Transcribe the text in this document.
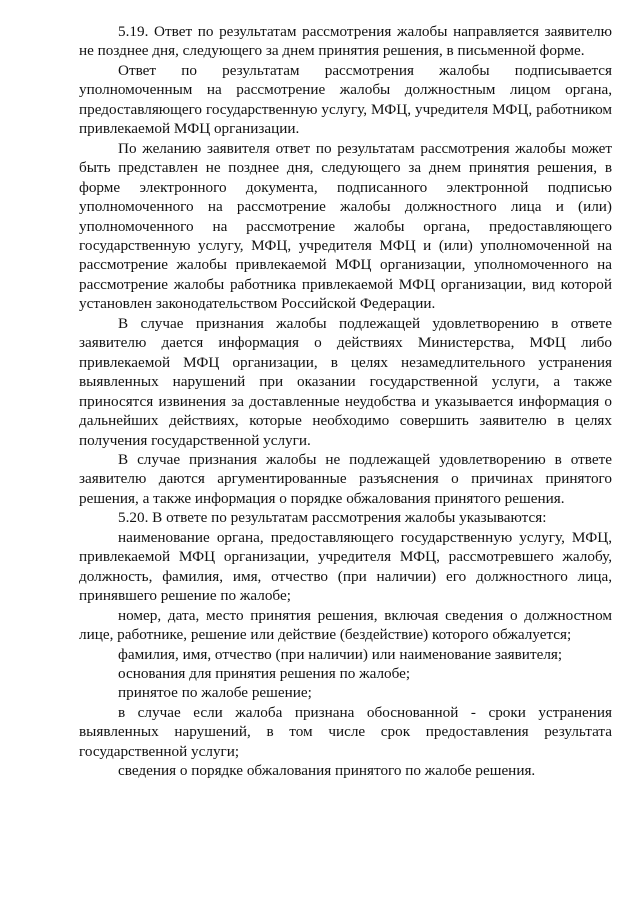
5.19. Ответ по результатам рассмотрения жалобы направляется заявителю не позднее дня, следующего за днем принятия решения, в письменной форме.

Ответ по результатам рассмотрения жалобы подписывается уполномоченным на рассмотрение жалобы должностным лицом органа, предоставляющего государственную услугу, МФЦ, учредителя МФЦ, работником привлекаемой МФЦ организации.

По желанию заявителя ответ по результатам рассмотрения жалобы может быть представлен не позднее дня, следующего за днем принятия решения, в форме электронного документа, подписанного электронной подписью уполномоченного на рассмотрение жалобы должностного лица и (или) уполномоченного на рассмотрение жалобы органа, предоставляющего государственную услугу, МФЦ, учредителя МФЦ и (или) уполномоченной на рассмотрение жалобы привлекаемой МФЦ организации, уполномоченного на рассмотрение жалобы работника привлекаемой МФЦ организации, вид которой установлен законодательством Российской Федерации.

В случае признания жалобы подлежащей удовлетворению в ответе заявителю дается информация о действиях Министерства, МФЦ либо привлекаемой МФЦ организации, в целях незамедлительного устранения выявленных нарушений при оказании государственной услуги, а также приносятся извинения за доставленные неудобства и указывается информация о дальнейших действиях, которые необходимо совершить заявителю в целях получения государственной услуги.

В случае признания жалобы не подлежащей удовлетворению в ответе заявителю даются аргументированные разъяснения о причинах принятого решения, а также информация о порядке обжалования принятого решения.

5.20. В ответе по результатам рассмотрения жалобы указываются:

наименование органа, предоставляющего государственную услугу, МФЦ, привлекаемой МФЦ организации, учредителя МФЦ, рассмотревшего жалобу, должность, фамилия, имя, отчество (при наличии) его должностного лица, принявшего решение по жалобе;

номер, дата, место принятия решения, включая сведения о должностном лице, работнике, решение или действие (бездействие) которого обжалуется;

фамилия, имя, отчество (при наличии) или наименование заявителя;

основания для принятия решения по жалобе;

принятое по жалобе решение;

в случае если жалоба признана обоснованной - сроки устранения выявленных нарушений, в том числе срок предоставления результата государственной услуги;

сведения о порядке обжалования принятого по жалобе решения.
